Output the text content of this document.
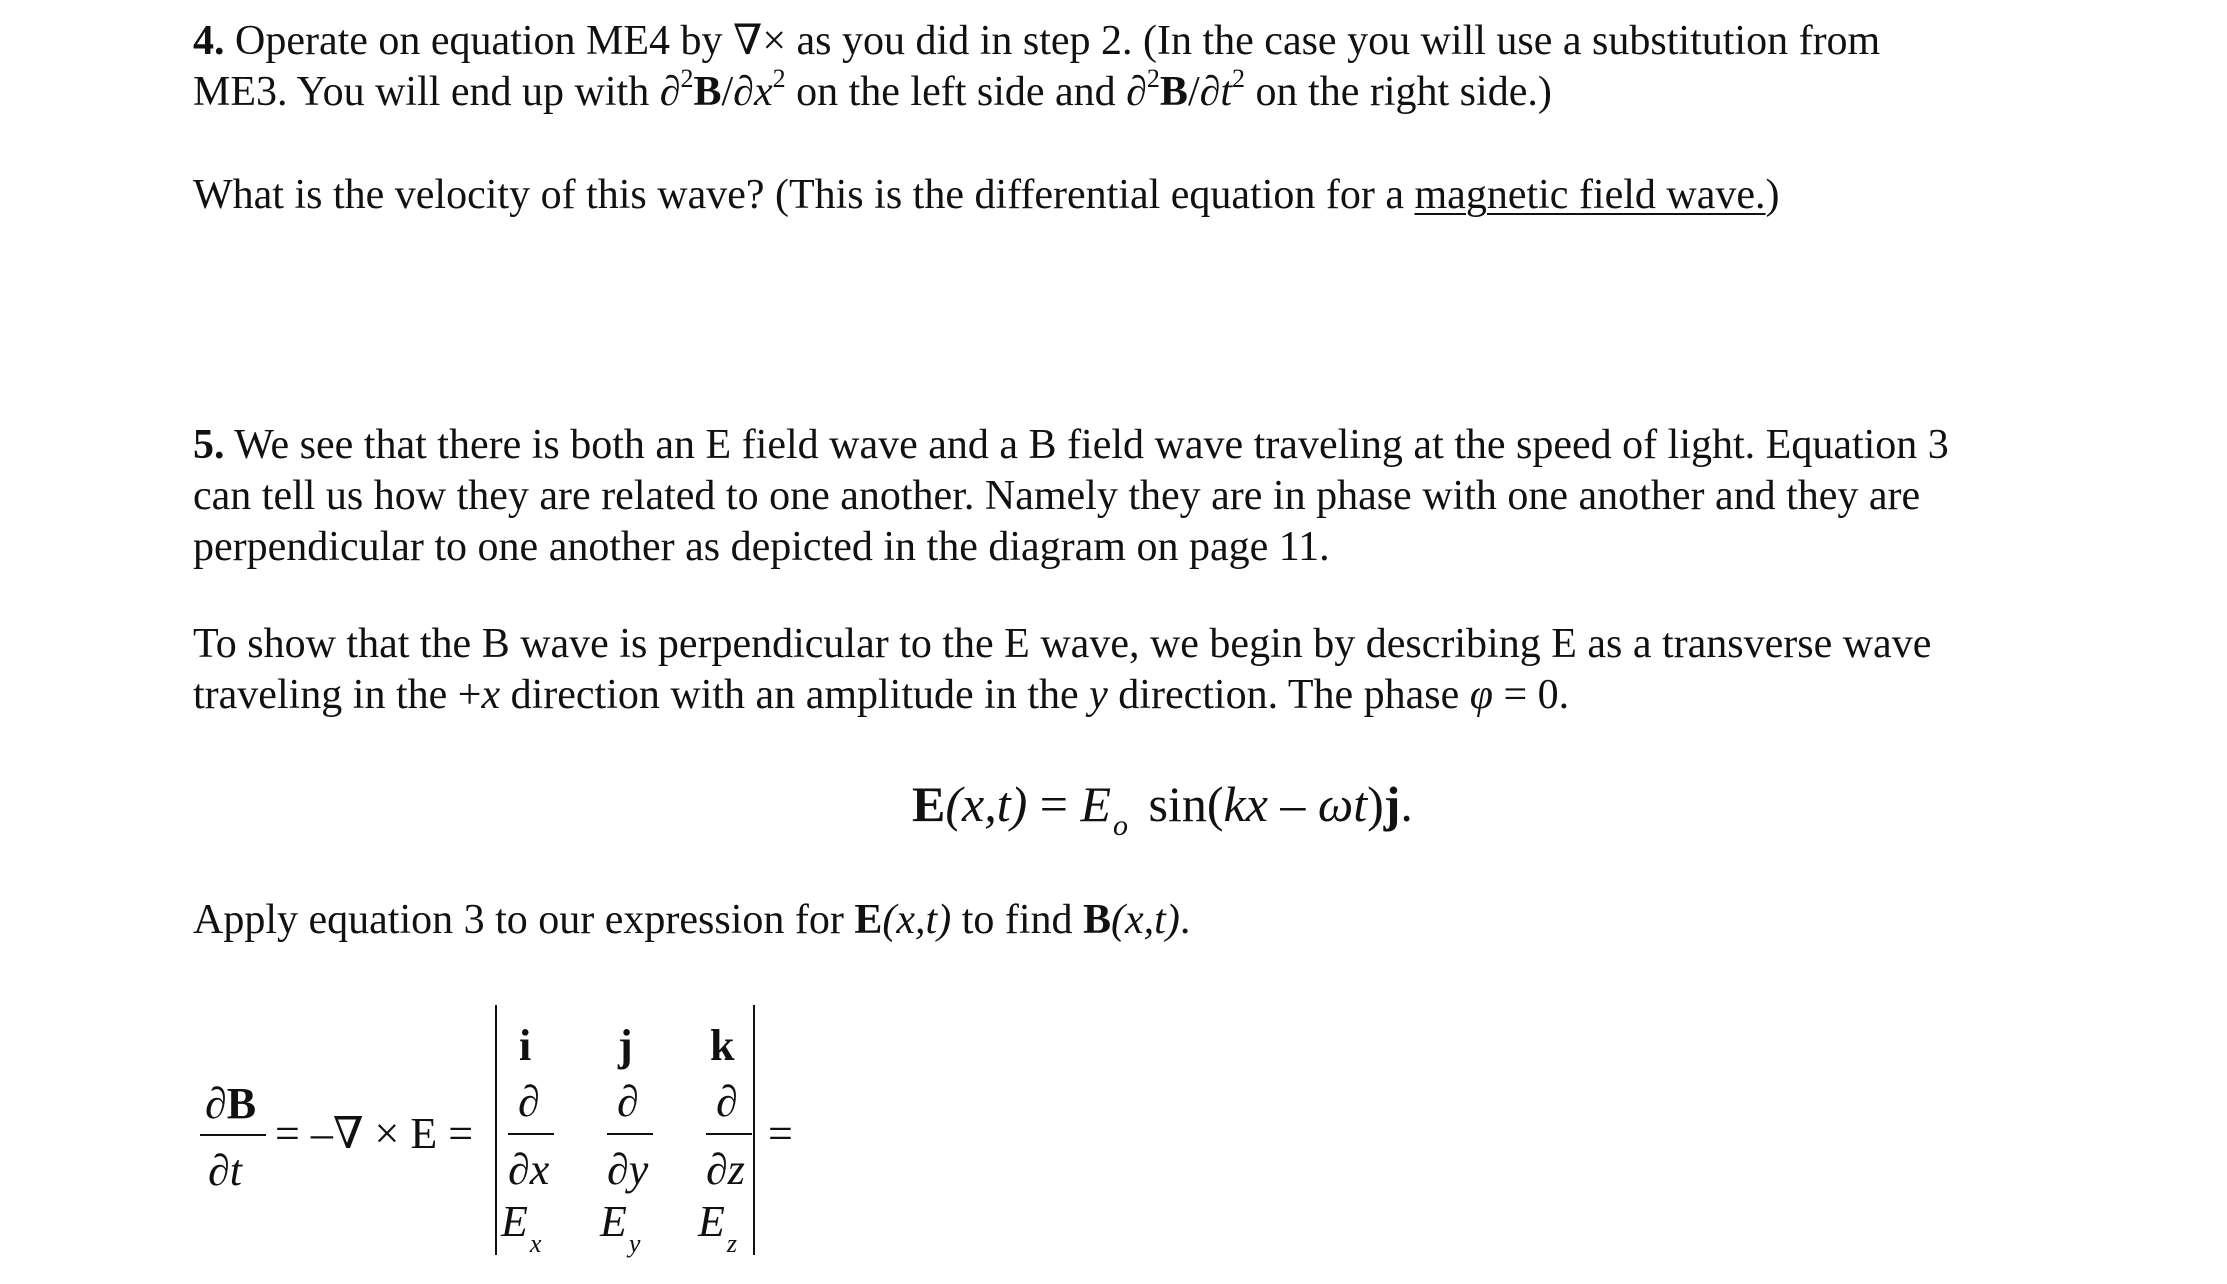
4. Operate on equation ME4 by ∇× as you did in step 2. (In the case you will use a substitution from
ME3. You will end up with $\partial^2B/\partial x^2$ on the left side and $\partial^2B/\partial t^2$ on the right side.)
What is the velocity of this wave? (This is the differential equation for a magnetic field wave.)
5. We see that there is both an E field wave and a B field wave traveling at the speed of light. Equation 3
can tell us how they are related to one another. Namely they are in phase with one another and they are
perpendicular to one another as depicted in the diagram on page 11.
To show that the B wave is perpendicular to the E wave, we begin by describing E as a transverse wave
traveling in the +x direction with an amplitude in the y direction. The phase φ = 0.
$E(x,t) = E_o$ sin(kx – ωt)j.
Apply equation 3 to our expression for E(x,t) to find B(x,t).
∂B
∂t
= –∇ × E =
i j k
∂
∂x
∂
∂y
∂
∂z
$E_x$ $E_y$ $E_z$
=
